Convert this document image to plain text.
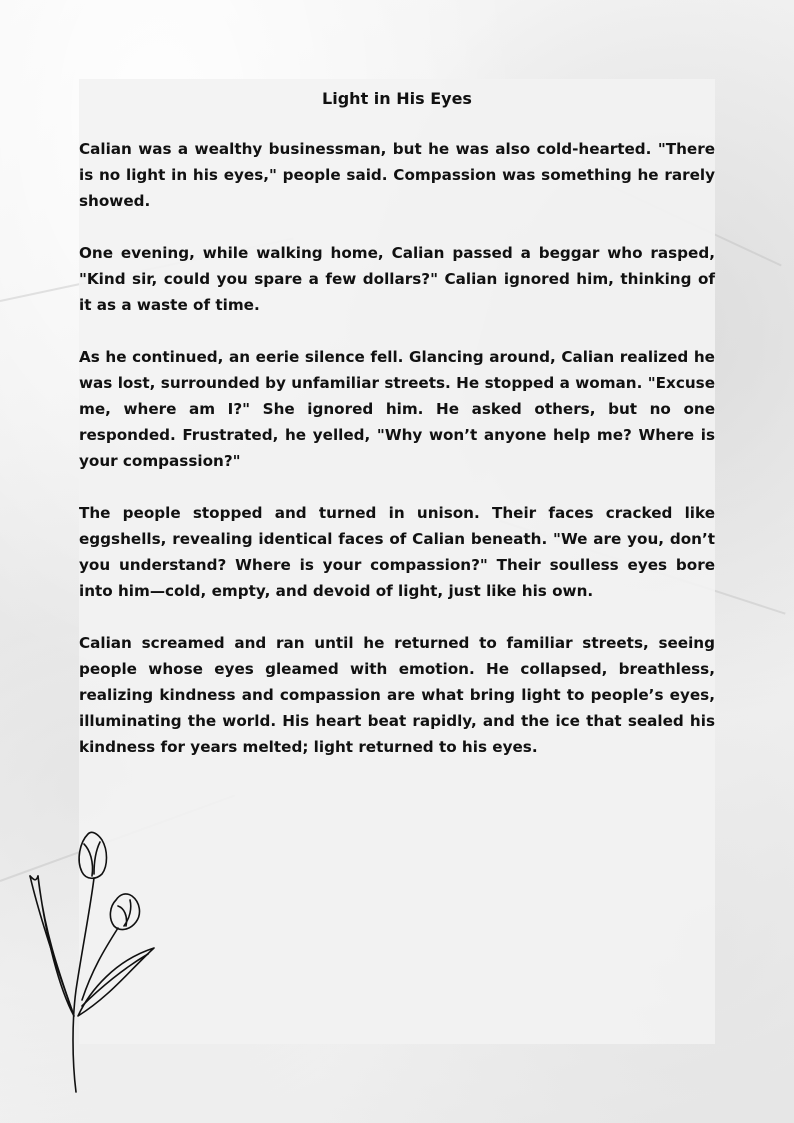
Light in His Eyes

Calian was a wealthy businessman, but he was also cold-hearted. "There is no light in his eyes," people said. Compassion was something he rarely showed.

One evening, while walking home, Calian passed a beggar who rasped, "Kind sir, could you spare a few dollars?" Calian ignored him, thinking of it as a waste of time.

As he continued, an eerie silence fell. Glancing around, Calian realized he was lost, surrounded by unfamiliar streets. He stopped a woman. "Excuse me, where am I?" She ignored him. He asked others, but no one responded. Frustrated, he yelled, "Why won’t anyone help me? Where is your compassion?"

The people stopped and turned in unison. Their faces cracked like eggshells, revealing identical faces of Calian beneath. "We are you, don’t you understand? Where is your compassion?" Their soulless eyes bore into him—cold, empty, and devoid of light, just like his own.

Calian screamed and ran until he returned to familiar streets, seeing people whose eyes gleamed with emotion. He collapsed, breathless, realizing kindness and compassion are what bring light to people’s eyes, illuminating the world. His heart beat rapidly, and the ice that sealed his kindness for years melted; light returned to his eyes.
